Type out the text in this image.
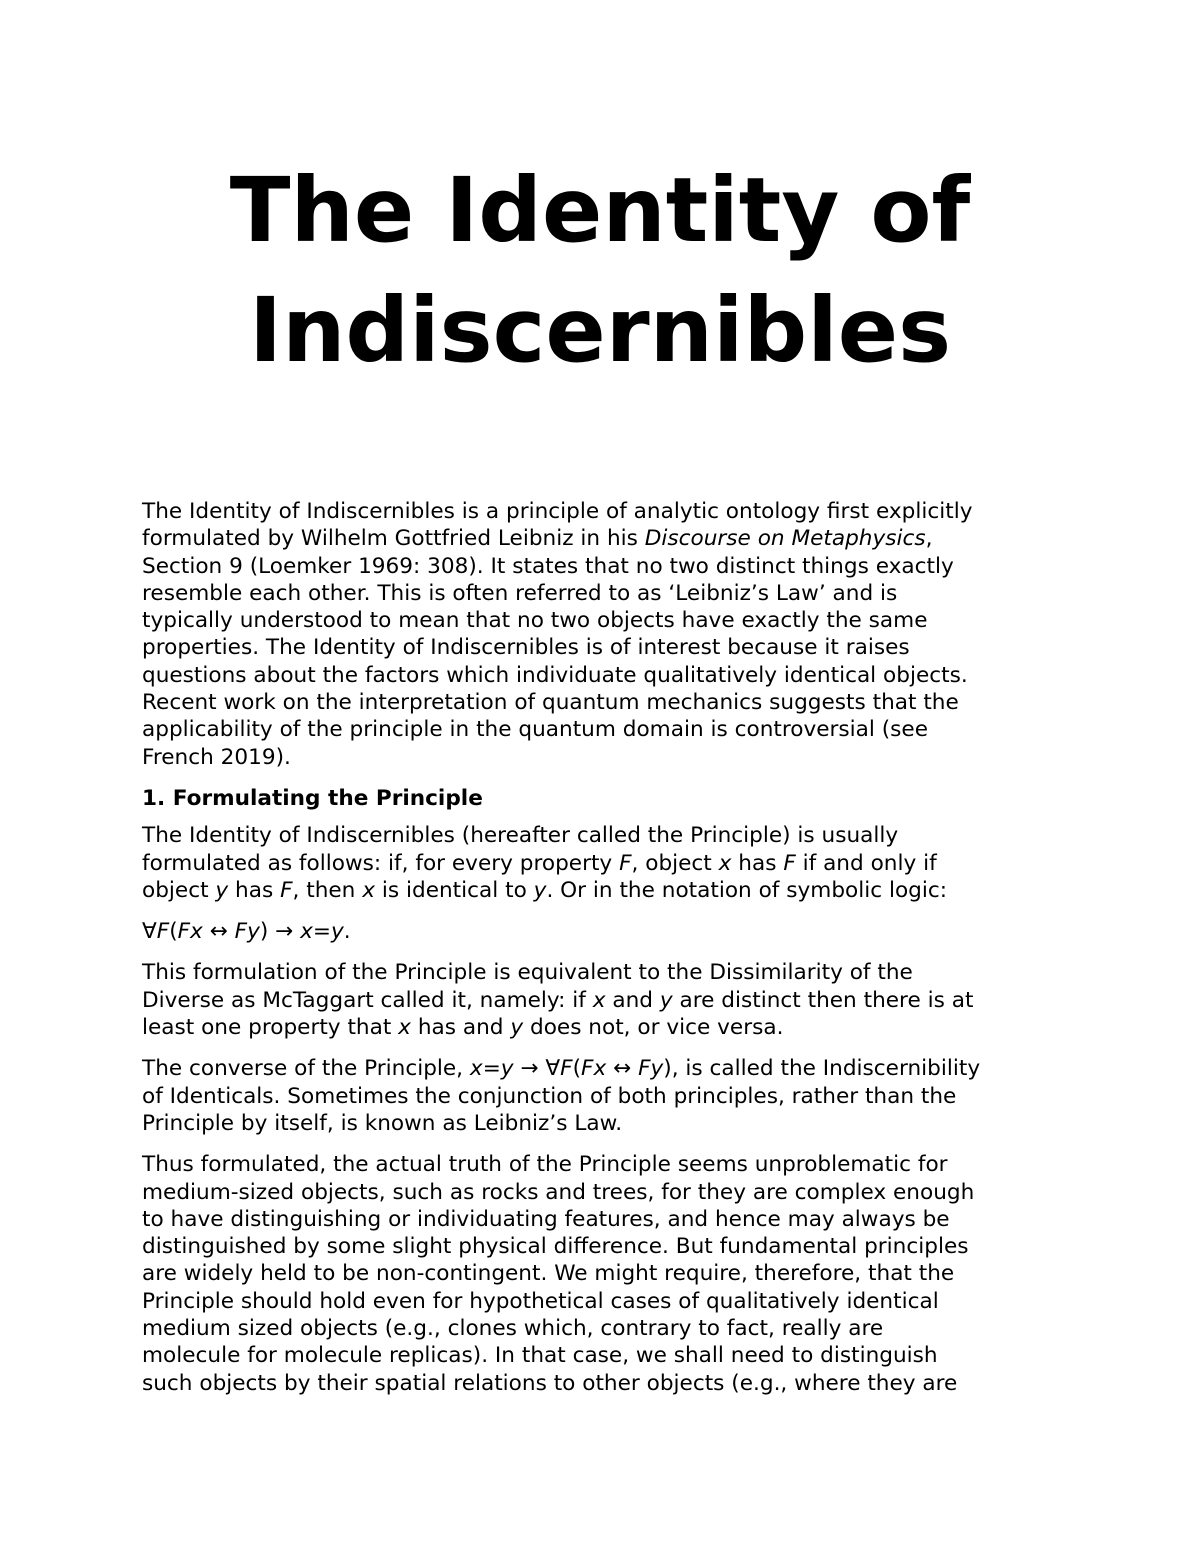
The Identity of
Indiscernibles

The Identity of Indiscernibles is a principle of analytic ontology first explicitly
formulated by Wilhelm Gottfried Leibniz in his Discourse on Metaphysics,
Section 9 (Loemker 1969: 308). It states that no two distinct things exactly
resemble each other. This is often referred to as ‘Leibniz’s Law’ and is
typically understood to mean that no two objects have exactly the same
properties. The Identity of Indiscernibles is of interest because it raises
questions about the factors which individuate qualitatively identical objects.
Recent work on the interpretation of quantum mechanics suggests that the
applicability of the principle in the quantum domain is controversial (see
French 2019).

1. Formulating the Principle

The Identity of Indiscernibles (hereafter called the Principle) is usually
formulated as follows: if, for every property F, object x has F if and only if
object y has F, then x is identical to y. Or in the notation of symbolic logic:

∀F(Fx ↔ Fy) → x=y.

This formulation of the Principle is equivalent to the Dissimilarity of the
Diverse as McTaggart called it, namely: if x and y are distinct then there is at
least one property that x has and y does not, or vice versa.

The converse of the Principle, x=y → ∀F(Fx ↔ Fy), is called the Indiscernibility
of Identicals. Sometimes the conjunction of both principles, rather than the
Principle by itself, is known as Leibniz’s Law.

Thus formulated, the actual truth of the Principle seems unproblematic for
medium-sized objects, such as rocks and trees, for they are complex enough
to have distinguishing or individuating features, and hence may always be
distinguished by some slight physical difference. But fundamental principles
are widely held to be non-contingent. We might require, therefore, that the
Principle should hold even for hypothetical cases of qualitatively identical
medium sized objects (e.g., clones which, contrary to fact, really are
molecule for molecule replicas). In that case, we shall need to distinguish
such objects by their spatial relations to other objects (e.g., where they are
